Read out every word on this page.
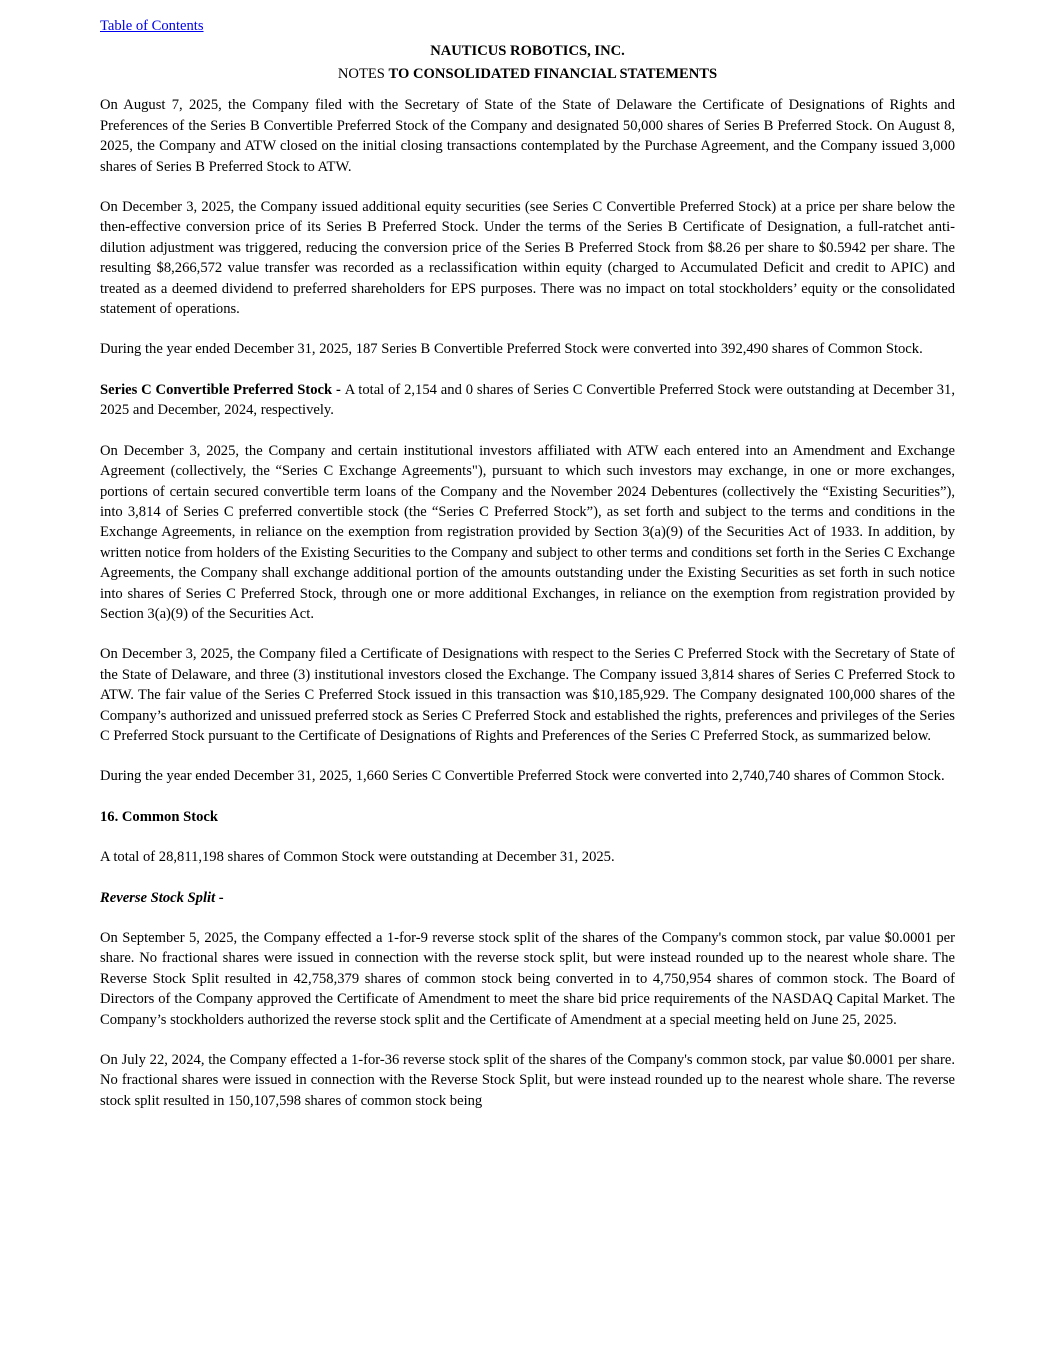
Table of Contents

NAUTICUS ROBOTICS, INC.

NOTES TO CONSOLIDATED FINANCIAL STATEMENTS

On August 7, 2025, the Company filed with the Secretary of State of the State of Delaware the Certificate of Designations of Rights and Preferences of the Series B Convertible Preferred Stock of the Company and designated 50,000 shares of Series B Preferred Stock. On August 8, 2025, the Company and ATW closed on the initial closing transactions contemplated by the Purchase Agreement, and the Company issued 3,000 shares of Series B Preferred Stock to ATW.

On December 3, 2025, the Company issued additional equity securities (see Series C Convertible Preferred Stock) at a price per share below the then-effective conversion price of its Series B Preferred Stock. Under the terms of the Series B Certificate of Designation, a full-ratchet anti-dilution adjustment was triggered, reducing the conversion price of the Series B Preferred Stock from $8.26 per share to $0.5942 per share. The resulting $8,266,572 value transfer was recorded as a reclassification within equity (charged to Accumulated Deficit and credit to APIC) and treated as a deemed dividend to preferred shareholders for EPS purposes. There was no impact on total stockholders’ equity or the consolidated statement of operations.

During the year ended December 31, 2025, 187 Series B Convertible Preferred Stock were converted into 392,490 shares of Common Stock.

Series C Convertible Preferred Stock - A total of 2,154 and 0 shares of Series C Convertible Preferred Stock were outstanding at December 31, 2025 and December, 2024, respectively.

On December 3, 2025, the Company and certain institutional investors affiliated with ATW each entered into an Amendment and Exchange Agreement (collectively, the “Series C Exchange Agreements"), pursuant to which such investors may exchange, in one or more exchanges, portions of certain secured convertible term loans of the Company and the November 2024 Debentures (collectively the “Existing Securities”), into 3,814 of Series C preferred convertible stock (the “Series C Preferred Stock”), as set forth and subject to the terms and conditions in the Exchange Agreements, in reliance on the exemption from registration provided by Section 3(a)(9) of the Securities Act of 1933. In addition, by written notice from holders of the Existing Securities to the Company and subject to other terms and conditions set forth in the Series C Exchange Agreements, the Company shall exchange additional portion of the amounts outstanding under the Existing Securities as set forth in such notice into shares of Series C Preferred Stock, through one or more additional Exchanges, in reliance on the exemption from registration provided by Section 3(a)(9) of the Securities Act.

On December 3, 2025, the Company filed a Certificate of Designations with respect to the Series C Preferred Stock with the Secretary of State of the State of Delaware, and three (3) institutional investors closed the Exchange. The Company issued 3,814 shares of Series C Preferred Stock to ATW. The fair value of the Series C Preferred Stock issued in this transaction was $10,185,929. The Company designated 100,000 shares of the Company’s authorized and unissued preferred stock as Series C Preferred Stock and established the rights, preferences and privileges of the Series C Preferred Stock pursuant to the Certificate of Designations of Rights and Preferences of the Series C Preferred Stock, as summarized below.

During the year ended December 31, 2025, 1,660 Series C Convertible Preferred Stock were converted into 2,740,740 shares of Common Stock.

16. Common Stock

A total of 28,811,198 shares of Common Stock were outstanding at December 31, 2025.

Reverse Stock Split -

On September 5, 2025, the Company effected a 1-for-9 reverse stock split of the shares of the Company's common stock, par value $0.0001 per share. No fractional shares were issued in connection with the reverse stock split, but were instead rounded up to the nearest whole share. The Reverse Stock Split resulted in 42,758,379 shares of common stock being converted in to 4,750,954 shares of common stock. The Board of Directors of the Company approved the Certificate of Amendment to meet the share bid price requirements of the NASDAQ Capital Market. The Company’s stockholders authorized the reverse stock split and the Certificate of Amendment at a special meeting held on June 25, 2025.

On July 22, 2024, the Company effected a 1-for-36 reverse stock split of the shares of the Company's common stock, par value $0.0001 per share. No fractional shares were issued in connection with the Reverse Stock Split, but were instead rounded up to the nearest whole share. The reverse stock split resulted in 150,107,598 shares of common stock being
